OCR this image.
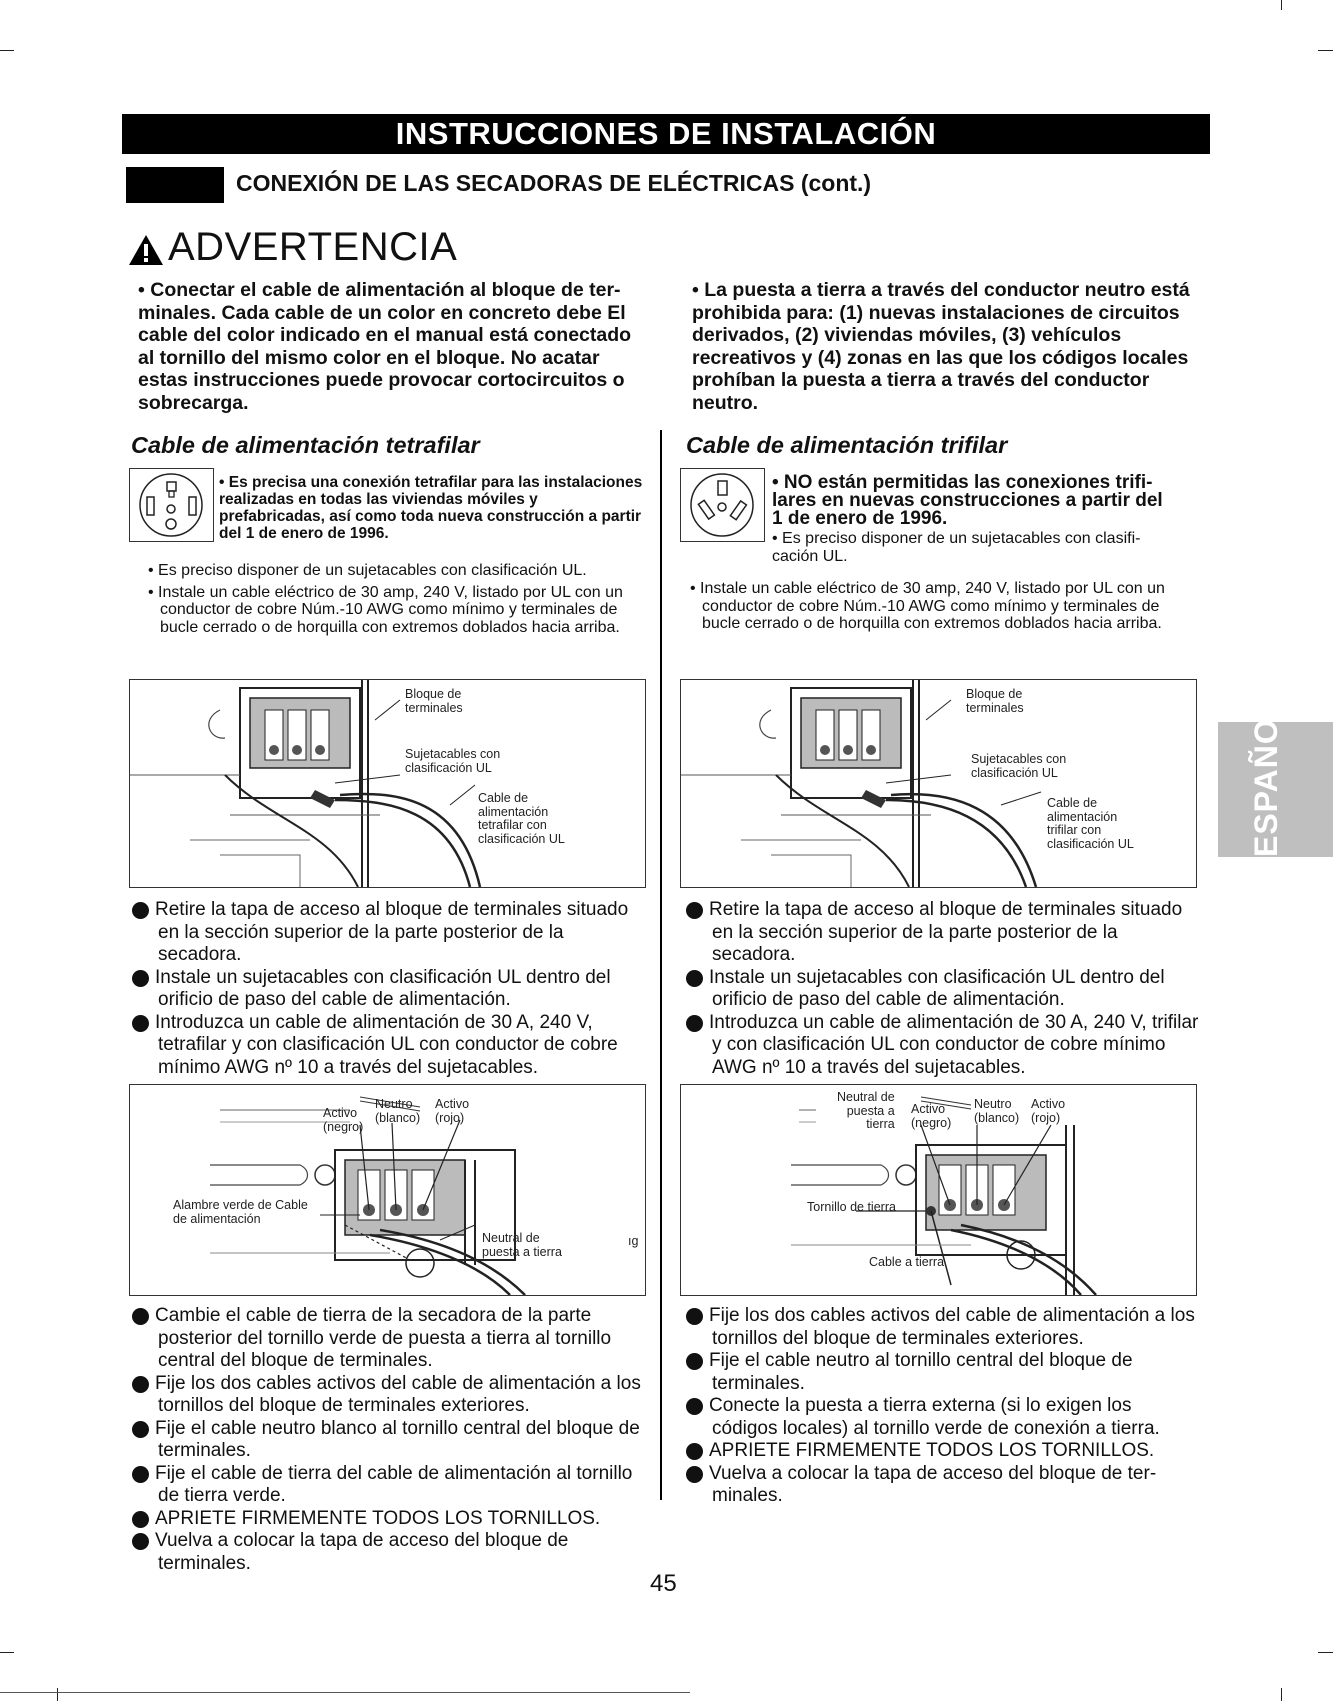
INSTRUCCIONES DE INSTALACIÓN
CONEXIÓN DE LAS SECADORAS DE ELÉCTRICAS (cont.)
ADVERTENCIA
• Conectar el cable de alimentación al bloque de terminales. Cada cable de un color en concreto debe El cable del color indicado en el manual está conectado al tornillo del mismo color en el bloque. No acatar estas instrucciones puede provocar cortocircuitos o sobrecarga.
• La puesta a tierra a través del conductor neutro está prohibida para: (1) nuevas instalaciones de circuitos derivados, (2) viviendas móviles, (3) vehículos recreativos y (4) zonas en las que los códigos locales prohíban la puesta a tierra a través del conductor neutro.
Cable de alimentación tetrafilar
• Es precisa una conexión tetrafilar para las instalaciones realizadas en todas las viviendas móviles y prefabricadas, así como toda nueva construcción a partir del 1 de enero de 1996.

• Es preciso disponer de un sujetacables con clasificación UL.

• Instale un cable eléctrico de 30 amp, 240 V, listado por UL con un conductor de cobre Núm.-10 AWG como mínimo y terminales de bucle cerrado o de horquilla con extremos doblados hacia arriba.

Bloque de
terminales
Sujetacables con
clasificación UL
Cable de
alimentación
tetrafilar con
clasificación UL

1 Retire la tapa de acceso al bloque de terminales situado en la sección superior de la parte posterior de la secadora.

2 Instale un sujetacables con clasificación UL dentro del orificio de paso del cable de alimentación.

3 Introduzca un cable de alimentación de 30 A, 240 V, tetrafilar y con clasificación UL con conductor de cobre mínimo AWG nº 10 a través del sujetacables.

Activo
(negro)
Neutro
(blanco)
Activo
(rojo)
Alambre verde de Cable
de alimentación
Neutral de
puesta a tierra
ıg

4 Cambie el cable de tierra de la secadora de la parte posterior del tornillo verde de puesta a tierra al tornillo central del bloque de terminales.

5 Fije los dos cables activos del cable de alimentación a los tornillos del bloque de terminales exteriores.

6 Fije el cable neutro blanco al tornillo central del bloque de terminales.

7 Fije el cable de tierra del cable de alimentación al tornillo de tierra verde.

8 APRIETE FIRMEMENTE TODOS LOS TORNILLOS.

9 Vuelva a colocar la tapa de acceso del bloque de terminales.

Cable de alimentación trifilar
• NO están permitidas las conexiones trifilares en nuevas construcciones a partir del 1 de enero de 1996.
• Es preciso disponer de un sujetacables con clasificación UL.

• Instale un cable eléctrico de 30 amp, 240 V, listado por UL con un conductor de cobre Núm.-10 AWG como mínimo y terminales de bucle cerrado o de horquilla con extremos doblados hacia arriba.

Bloque de
terminales
Sujetacables con
clasificación UL
Cable de
alimentación
trifilar con
clasificación UL

1 Retire la tapa de acceso al bloque de terminales situado en la sección superior de la parte posterior de la secadora.

2 Instale un sujetacables con clasificación UL dentro del orificio de paso del cable de alimentación.

3 Introduzca un cable de alimentación de 30 A, 240 V, trifilar y con clasificación UL con conductor de cobre mínimo AWG nº 10 a través del sujetacables.

Neutral de
puesta a
tierra
Activo
(negro)
Neutro
(blanco)
Activo
(rojo)
Tornillo de tierra
Cable a tierra

4 Fije los dos cables activos del cable de alimentación a los tornillos del bloque de terminales exteriores.

5 Fije el cable neutro al tornillo central del bloque de terminales.

6 Conecte la puesta a tierra externa (si lo exigen los códigos locales) al tornillo verde de conexión a tierra.

7 APRIETE FIRMEMENTE TODOS LOS TORNILLOS.

8 Vuelva a colocar la tapa de acceso del bloque de terminales.

ESPAÑOL
45
